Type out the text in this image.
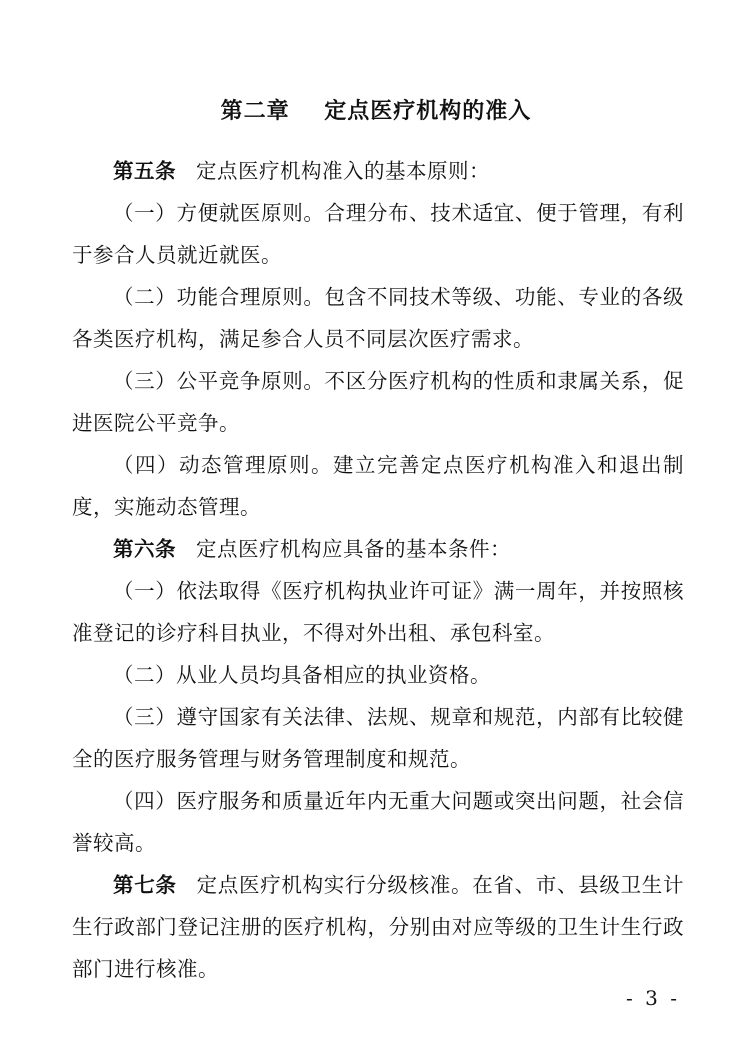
第二章    定点医疗机构的准入

第五条 定点医疗机构准入的基本原则：

（一）方便就医原则。合理分布、技术适宜、便于管理，有利于参合人员就近就医。

（二）功能合理原则。包含不同技术等级、功能、专业的各级各类医疗机构，满足参合人员不同层次医疗需求。

（三）公平竞争原则。不区分医疗机构的性质和隶属关系，促进医院公平竞争。

（四）动态管理原则。建立完善定点医疗机构准入和退出制度，实施动态管理。

第六条 定点医疗机构应具备的基本条件：

（一）依法取得《医疗机构执业许可证》满一周年，并按照核准登记的诊疗科目执业，不得对外出租、承包科室。

（二）从业人员均具备相应的执业资格。

（三）遵守国家有关法律、法规、规章和规范，内部有比较健全的医疗服务管理与财务管理制度和规范。

（四）医疗服务和质量近年内无重大问题或突出问题，社会信誉较高。

第七条 定点医疗机构实行分级核准。在省、市、县级卫生计生行政部门登记注册的医疗机构，分别由对应等级的卫生计生行政部门进行核准。

- 3 -
